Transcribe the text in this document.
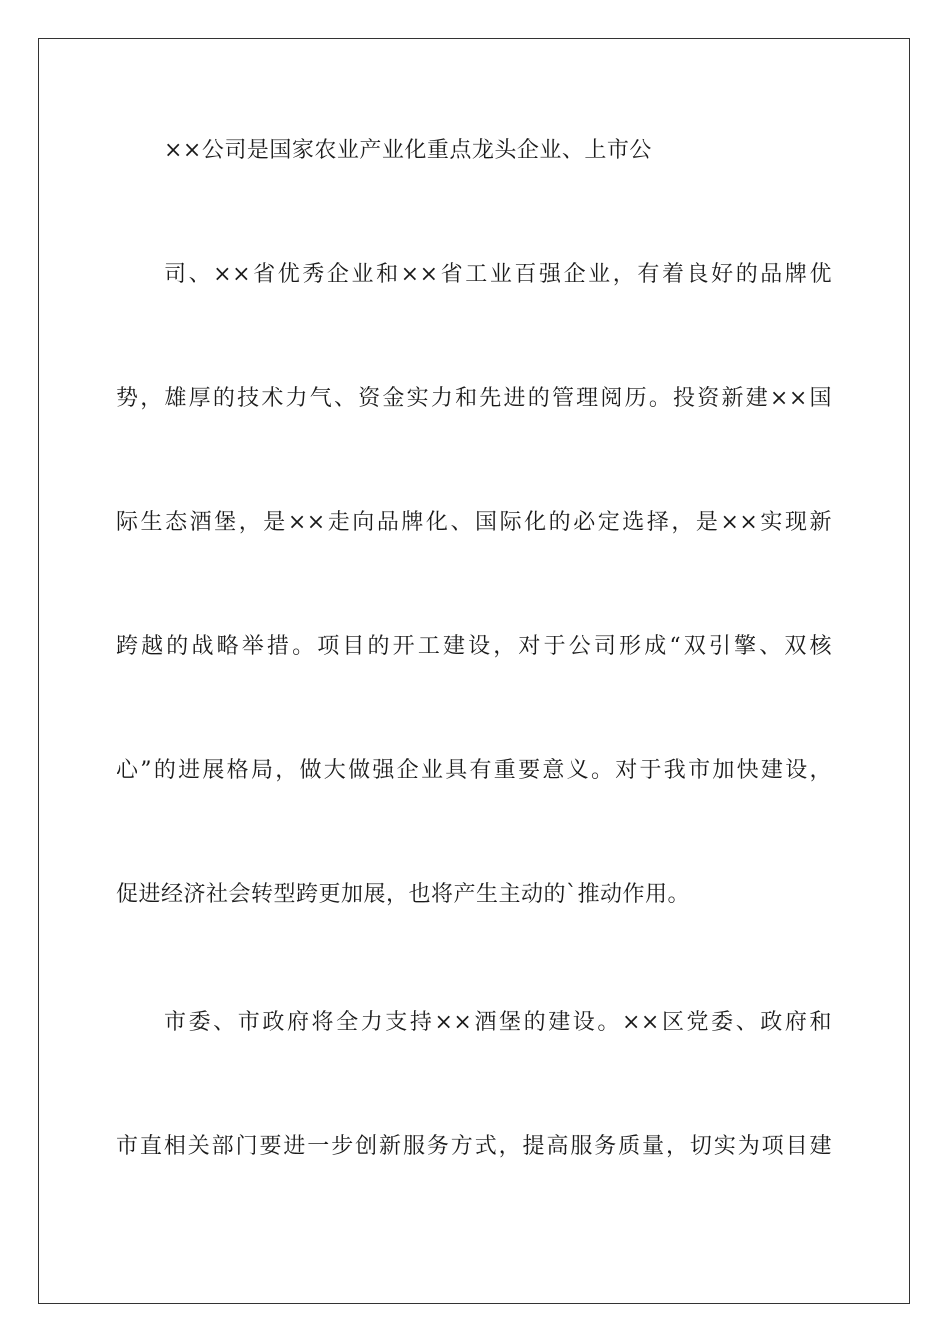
××公司是国家农业产业化重点龙头企业、上市公
司、××省优秀企业和××省工业百强企业，有着良好的品牌优
势，雄厚的技术力气、资金实力和先进的管理阅历。投资新建××国
际生态酒堡，是××走向品牌化、国际化的必定选择，是××实现新
跨越的战略举措。项目的开工建设，对于公司形成“双引擎、双核
心”的进展格局，做大做强企业具有重要意义。对于我市加快建设，
促进经济社会转型跨更加展，也将产生主动的`推动作用。
市委、市政府将全力支持××酒堡的建设。××区党委、政府和
市直相关部门要进一步创新服务方式，提高服务质量，切实为项目建
